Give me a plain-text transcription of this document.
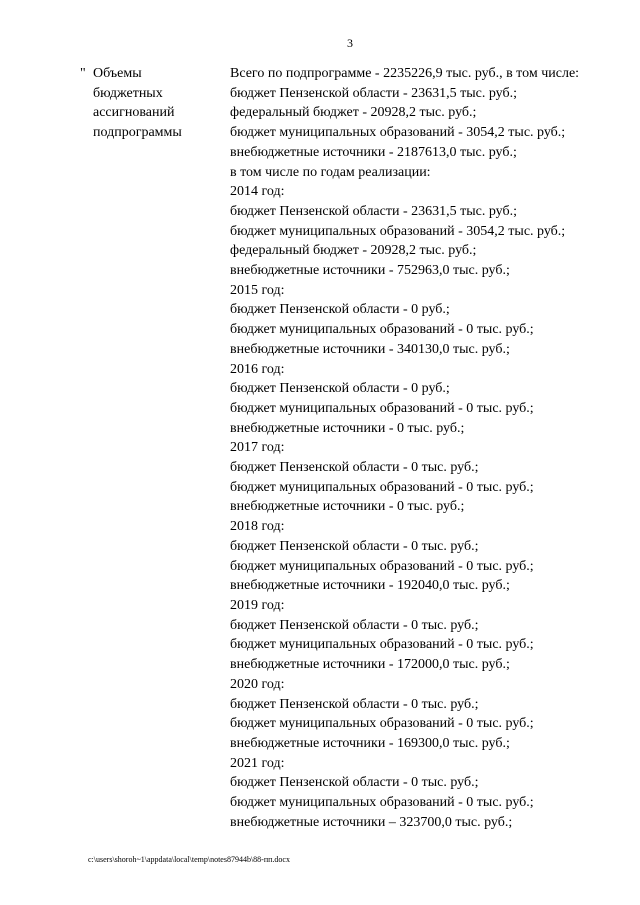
3
" Объемы
бюджетных
ассигнований
подпрограммы
Всего по подпрограмме - 2235226,9 тыс. руб., в том числе:
бюджет Пензенской области - 23631,5 тыс. руб.;
федеральный бюджет - 20928,2 тыс. руб.;
бюджет муниципальных образований - 3054,2 тыс. руб.;
внебюджетные источники - 2187613,0 тыс. руб.;
в том числе по годам реализации:
2014 год:
бюджет Пензенской области - 23631,5 тыс. руб.;
бюджет муниципальных образований - 3054,2 тыс. руб.;
федеральный бюджет - 20928,2 тыс. руб.;
внебюджетные источники - 752963,0 тыс. руб.;
2015 год:
бюджет Пензенской области - 0 руб.;
бюджет муниципальных образований - 0 тыс. руб.;
внебюджетные источники - 340130,0 тыс. руб.;
2016 год:
бюджет Пензенской области - 0 руб.;
бюджет муниципальных образований - 0 тыс. руб.;
внебюджетные источники - 0 тыс. руб.;
2017 год:
бюджет Пензенской области - 0 тыс. руб.;
бюджет муниципальных образований - 0 тыс. руб.;
внебюджетные источники - 0 тыс. руб.;
2018 год:
бюджет Пензенской области - 0 тыс. руб.;
бюджет муниципальных образований - 0 тыс. руб.;
внебюджетные источники - 192040,0 тыс. руб.;
2019 год:
бюджет Пензенской области - 0 тыс. руб.;
бюджет муниципальных образований - 0 тыс. руб.;
внебюджетные источники - 172000,0 тыс. руб.;
2020 год:
бюджет Пензенской области - 0 тыс. руб.;
бюджет муниципальных образований - 0 тыс. руб.;
внебюджетные источники - 169300,0 тыс. руб.;
2021 год:
бюджет Пензенской области - 0 тыс. руб.;
бюджет муниципальных образований - 0 тыс. руб.;
внебюджетные источники – 323700,0 тыс. руб.;
c:\users\shoroh~1\appdata\local\temp\notes87944b\88-пп.docx
